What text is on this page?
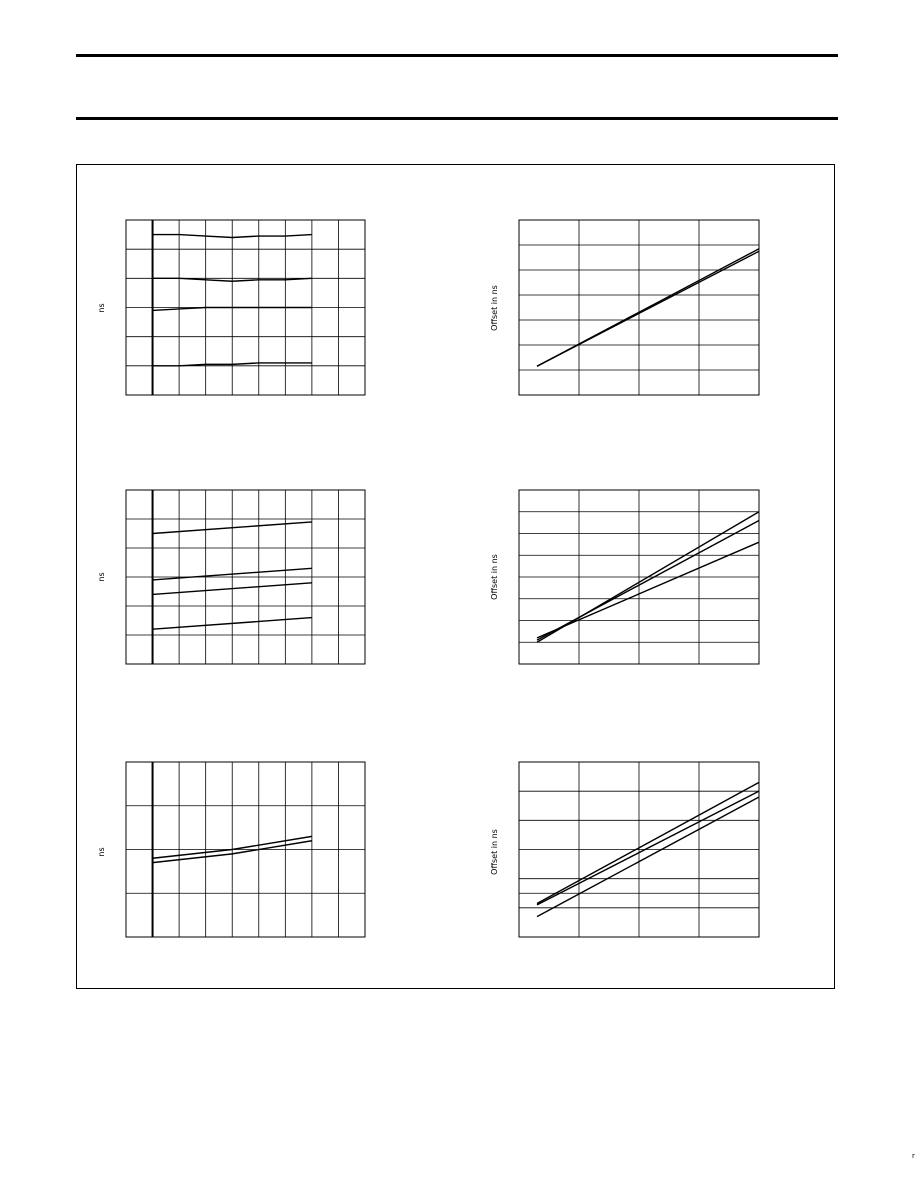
ns	Offset in ns
ns	Offset in ns
ns	Offset in ns
r
